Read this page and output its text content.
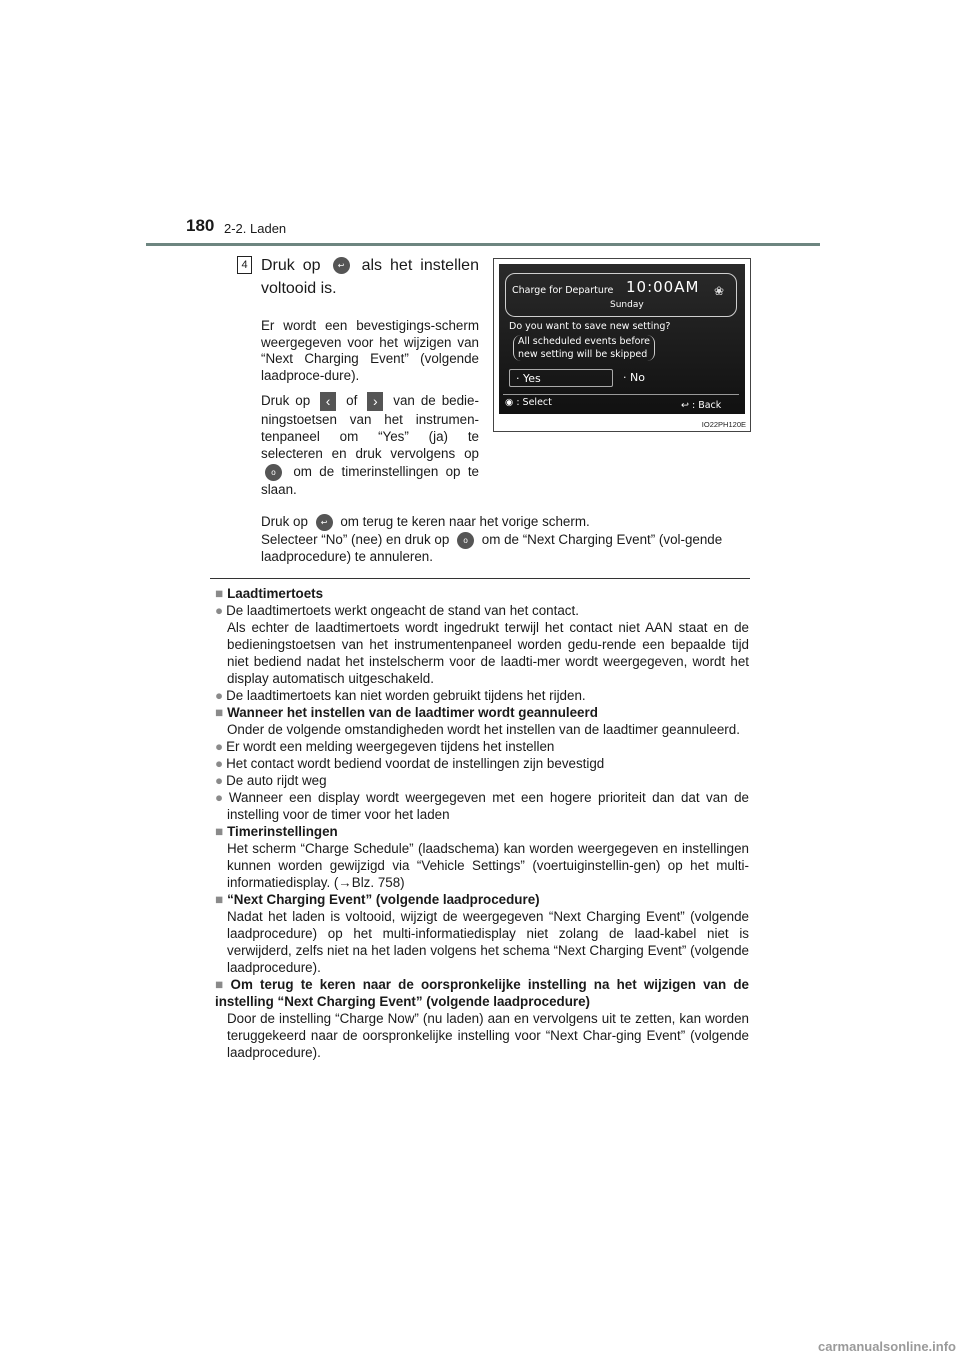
180 2-2. Laden
4 Druk op ↩ als het instellen voltooid is.
Er wordt een bevestigings-scherm weergegeven voor het wijzigen van “Next Charging Event” (volgende laadproce-dure).
Druk op ‹ of › van de bedie-ningstoetsen van het instrumen-tenpaneel om “Yes” (ja) te selecteren en druk vervolgens op o om de timerinstellingen op te slaan.
Druk op ↩ om terug te keren naar het vorige scherm.
Selecteer “No” (nee) en druk op o om de “Next Charging Event” (vol-gende laadprocedure) te annuleren.
Charge for Departure 10:00AM
Sunday
❀
Do you want to save new setting?
All scheduled events before
new setting will be skipped
· Yes	· No
◉ : Select	↩ : Back
IO22PH120E

■ Laadtimertoets

● De laadtimertoets werkt ongeacht de stand van het contact.

Als echter de laadtimertoets wordt ingedrukt terwijl het contact niet AAN staat en de bedieningstoetsen van het instrumentenpaneel worden gedu-rende een bepaalde tijd niet bediend nadat het instelscherm voor de laadti-mer wordt weergegeven, wordt het display automatisch uitgeschakeld.

● De laadtimertoets kan niet worden gebruikt tijdens het rijden.

■ Wanneer het instellen van de laadtimer wordt geannuleerd

Onder de volgende omstandigheden wordt het instellen van de laadtimer geannuleerd.

● Er wordt een melding weergegeven tijdens het instellen

● Het contact wordt bediend voordat de instellingen zijn bevestigd

● De auto rijdt weg

● Wanneer een display wordt weergegeven met een hogere prioriteit dan dat van de instelling voor de timer voor het laden

■ Timerinstellingen

Het scherm “Charge Schedule” (laadschema) kan worden weergegeven en instellingen kunnen worden gewijzigd via “Vehicle Settings” (voertuiginstellin-gen) op het multi-informatiedisplay. (→Blz. 758)

■ “Next Charging Event” (volgende laadprocedure)

Nadat het laden is voltooid, wijzigt de weergegeven “Next Charging Event” (volgende laadprocedure) op het multi-informatiedisplay niet zolang de laad-kabel niet is verwijderd, zelfs niet na het laden volgens het schema “Next Charging Event” (volgende laadprocedure).

■ Om terug te keren naar de oorspronkelijke instelling na het wijzigen van de instelling “Next Charging Event” (volgende laadprocedure)

Door de instelling “Charge Now” (nu laden) aan en vervolgens uit te zetten, kan worden teruggekeerd naar de oorspronkelijke instelling voor “Next Char-ging Event” (volgende laadprocedure).

carmanualsonline.info
